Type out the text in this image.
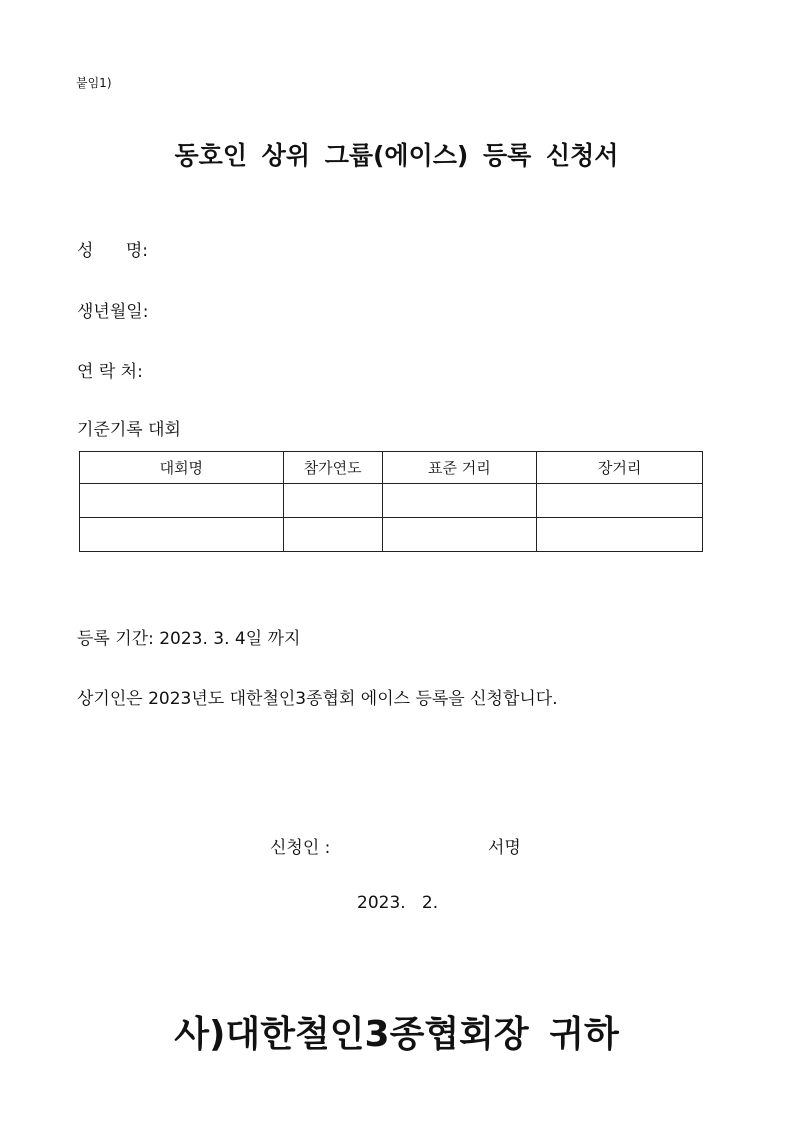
붙임1)
동호인 상위 그룹(에이스) 등록 신청서
성      명:
생년월일:
연 락 처:
기준기록 대회
대회명	참가연도	표준 거리	장거리

등록 기간: 2023. 3. 4일 까지
상기인은 2023년도 대한철인3종협회 에이스 등록을 신청합니다.
신청인 :	서명
2023.   2.
사)대한철인3종협회장 귀하
